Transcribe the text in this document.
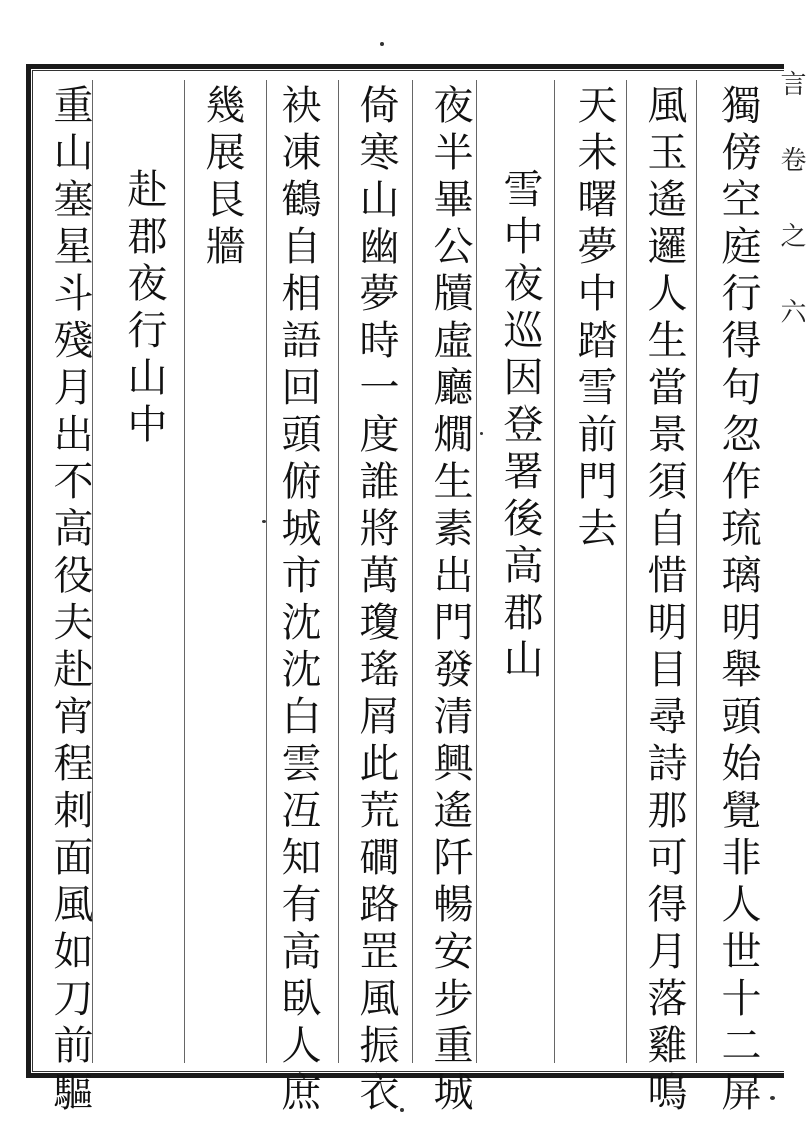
言卷之六
獨傍空庭行得句忽作琉璃明舉頭始覺非人世十二屏
風玉遙邏人生當景須自惜明目尋詩那可得月落雞鳴
天未曙夢中踏雪前門去
雪中夜巡因登署後高郡山
夜半畢公牘虛廳燗生素出門發清興遙阡暢安步重城
倚寒山幽夢時一度誰將萬瓊瑤屑此荒磵路罡風振衣
袂凍鶴自相語回頭俯城市沈沈白雲冱知有高臥人庶
幾展艮牆
赴郡夜行山中
重山塞星斗殘月出不高役夫赴宵程刺面風如刀前驅
